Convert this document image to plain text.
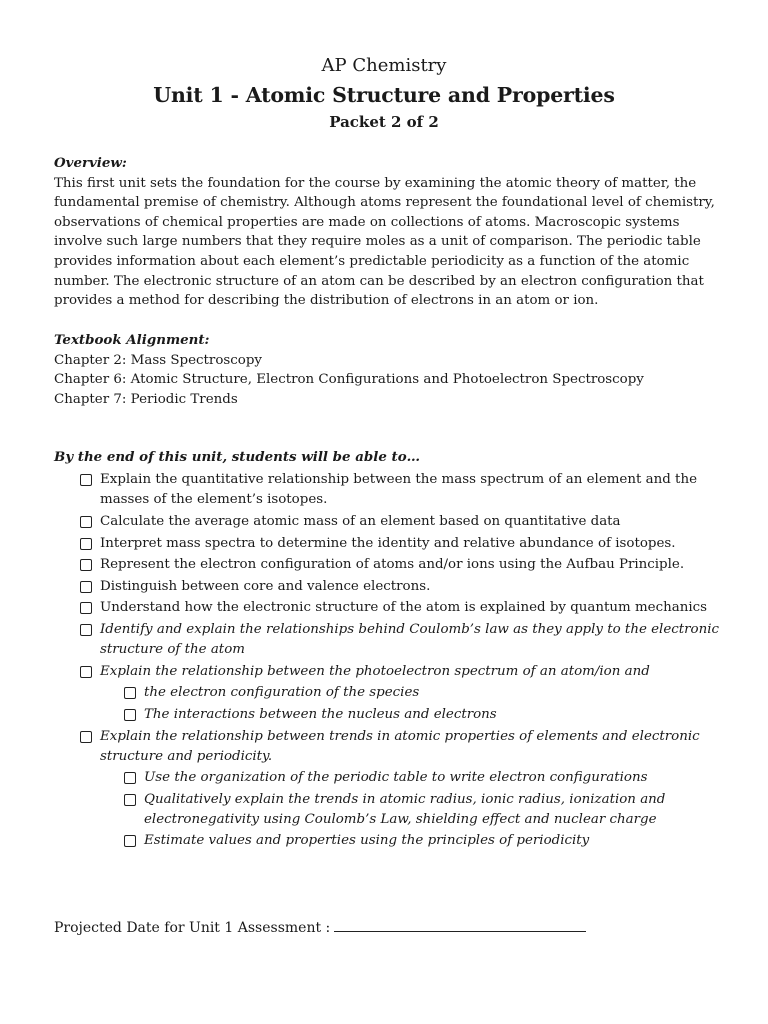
AP Chemistry
Unit 1 - Atomic Structure and Properties
Packet 2 of 2
Overview:

This first unit sets the foundation for the course by examining the atomic theory of matter, the fundamental premise of chemistry. Although atoms represent the foundational level of chemistry, observations of chemical properties are made on collections of atoms. Macroscopic systems involve such large numbers that they require moles as a unit of comparison. The periodic table provides information about each element’s predictable periodicity as a function of the atomic number. The electronic structure of an atom can be described by an electron configuration that provides a method for describing the distribution of electrons in an atom or ion.

Textbook Alignment:
Chapter 2: Mass Spectroscopy
Chapter 6: Atomic Structure, Electron Configurations and Photoelectron Spectroscopy
Chapter 7: Periodic Trends
By the end of this unit, students will be able to…
Explain the quantitative relationship between the mass spectrum of an element and the masses of the element’s isotopes.
Calculate the average atomic mass of an element based on quantitative data
Interpret mass spectra to determine the identity and relative abundance of isotopes.
Represent the electron configuration of atoms and/or ions using the Aufbau Principle.
Distinguish between core and valence electrons.
Understand how the electronic structure of the atom is explained by quantum mechanics
Identify and explain the relationships behind Coulomb’s law as they apply to the electronic structure of the atom
Explain the relationship between the photoelectron spectrum of an atom/ion and
the electron configuration of the species
The interactions between the nucleus and electrons
Explain the relationship between trends in atomic properties of elements and electronic structure and periodicity.
Use the organization of the periodic table to write electron configurations
Qualitatively explain the trends in atomic radius, ionic radius, ionization and electronegativity using Coulomb’s Law, shielding effect and nuclear charge
Estimate values and properties using the principles of periodicity
Projected Date for Unit 1 Assessment :
